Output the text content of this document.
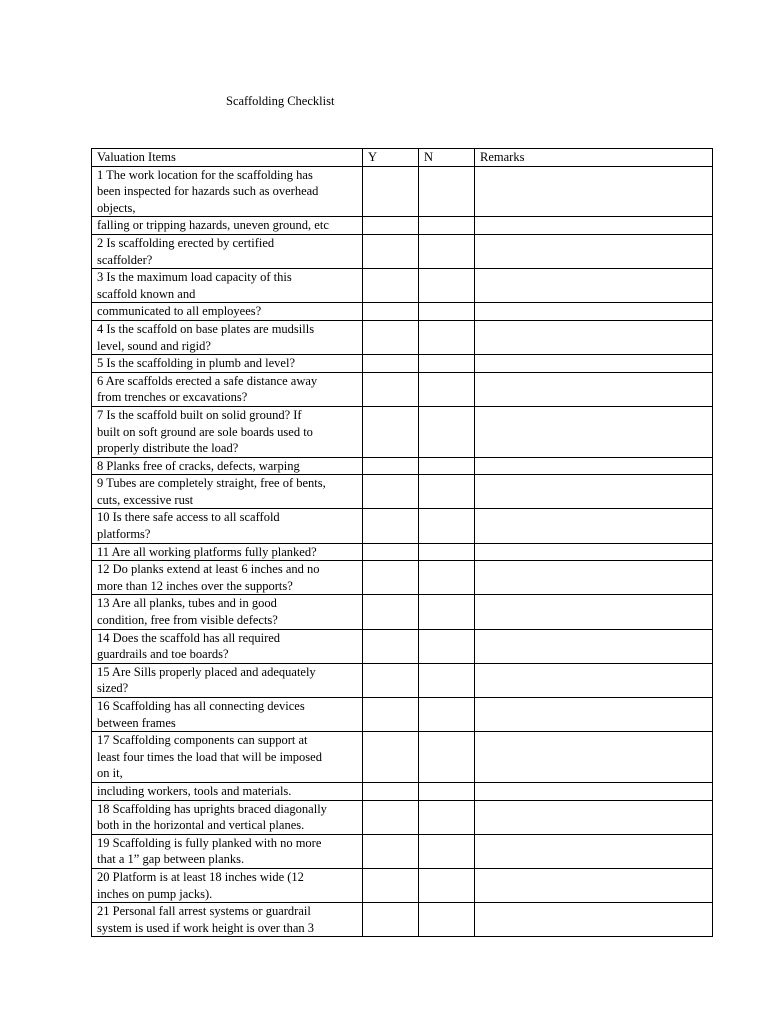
Scaffolding Checklist
Valuation Items	Y	N	Remarks

1 The work location for the scaffolding has
been inspected for hazards such as overhead
objects,			

falling or tripping hazards, uneven ground, etc			

2 Is scaffolding erected by certified
scaffolder?			

3 Is the maximum load capacity of this
scaffold known and			

communicated to all employees?			

4 Is the scaffold on base plates are mudsills
level, sound and rigid?			

5 Is the scaffolding in plumb and level?			

6 Are scaffolds erected a safe distance away
from trenches or excavations?			

7 Is the scaffold built on solid ground? If
built on soft ground are sole boards used to
properly distribute the load?			

8 Planks free of cracks, defects, warping			

9 Tubes are completely straight, free of bents,
cuts, excessive rust			

10 Is there safe access to all scaffold
platforms?			

11 Are all working platforms fully planked?			

12 Do planks extend at least 6 inches and no
more than 12 inches over the supports?			

13 Are all planks, tubes and in good
condition, free from visible defects?			

14 Does the scaffold has all required
guardrails and toe boards?			

15 Are Sills properly placed and adequately
sized?			

16 Scaffolding has all connecting devices
between frames			

17 Scaffolding components can support at
least four times the load that will be imposed
on it,			

including workers, tools and materials.			

18 Scaffolding has uprights braced diagonally
both in the horizontal and vertical planes.			

19 Scaffolding is fully planked with no more
that a 1” gap between planks.			

20 Platform is at least 18 inches wide (12
inches on pump jacks).			

21 Personal fall arrest systems or guardrail
system is used if work height is over than 3			
